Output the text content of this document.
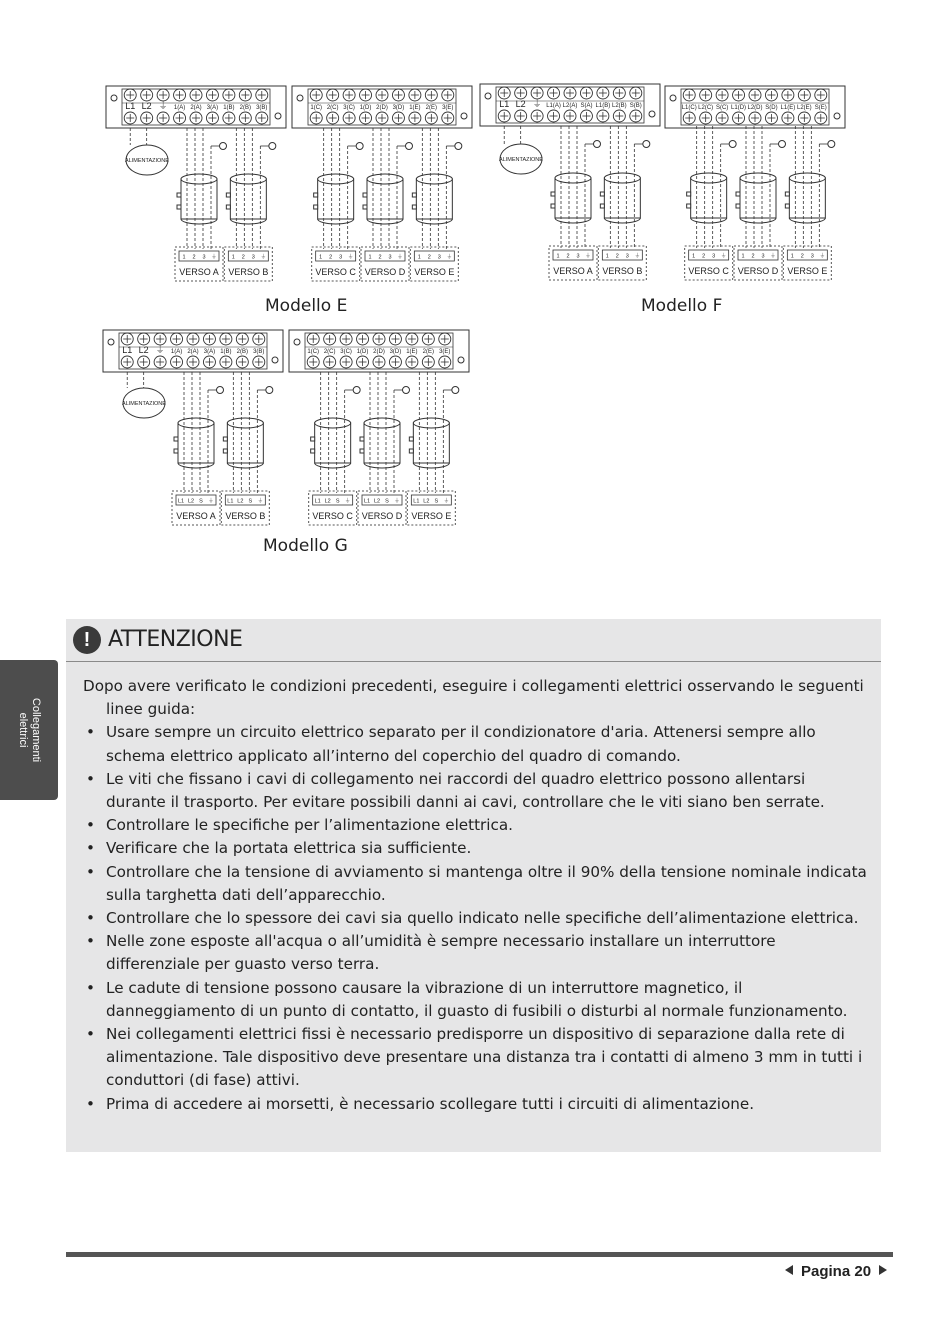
L1 L2 ⏚ 1(A) 2(A) 3(A) 1(B) 2(B) 3(B)	1(C) 2(C) 3(C) 1(D) 2(D) 3(D) 1(E) 2(E) 3(E)
ALIMENTAZIONE
1 2 3 ⏚
VERSO A
1 2 3 ⏚
VERSO B
1 2 3 ⏚
VERSO C
1 2 3 ⏚
VERSO D
1 2 3 ⏚
VERSO E
L1 L2 ⏚ L1(A) L2(A) S(A) L1(B) L2(B) S(B)	L1(C) L2(C) S(C) L1(D) L2(D) S(D) L1(E) L2(E) S(E)
ALIMENTAZIONE
1 2 3 ⏚
VERSO A
1 2 3 ⏚
VERSO B
1 2 3 ⏚
VERSO C
1 2 3 ⏚
VERSO D
1 2 3 ⏚
VERSO E
L1 L2 ⏚ 1(A) 2(A) 3(A) 1(B) 2(B) 3(B)	1(C) 2(C) 3(C) 1(D) 2(D) 3(D) 1(E) 2(E) 3(E)
ALIMENTAZIONE
L1 L2 S ⏚
VERSO A
L1 L2 S ⏚
VERSO B
L1 L2 S ⏚
VERSO C
L1 L2 S ⏚
VERSO D
L1 L2 S ⏚
VERSO E
Modello E	Modello F
Modello G
Collegamenti
elettrici
! ATTENZIONE

Dopo avere verificato le condizioni precedenti, eseguire i collegamenti elettrici osservando le seguenti linee guida:

• Usare sempre un circuito elettrico separato per il condizionatore d'aria. Attenersi sempre allo schema elettrico applicato all’interno del coperchio del quadro di comando.
• Le viti che fissano i cavi di collegamento nei raccordi del quadro elettrico possono allentarsi durante il trasporto. Per evitare possibili danni ai cavi, controllare che le viti siano ben serrate.
• Controllare le specifiche per l’alimentazione elettrica.
• Verificare che la portata elettrica sia sufficiente.
• Controllare che la tensione di avviamento si mantenga oltre il 90% della tensione nominale indicata sulla targhetta dati dell’apparecchio.
• Controllare che lo spessore dei cavi sia quello indicato nelle specifiche dell’alimentazione elettrica.
• Nelle zone esposte all'acqua o all’umidità è sempre necessario installare un interruttore differenziale per guasto verso terra.
• Le cadute di tensione possono causare la vibrazione di un interruttore magnetico, il danneggiamento di un punto di contatto, il guasto di fusibili o disturbi al normale funzionamento.
• Nei collegamenti elettrici fissi è necessario predisporre un dispositivo di separazione dalla rete di alimentazione. Tale dispositivo deve presentare una distanza tra i contatti di almeno 3 mm in tutti i conduttori (di fase) attivi.
• Prima di accedere ai morsetti, è necessario scollegare tutti i circuiti di alimentazione.
Pagina 20
